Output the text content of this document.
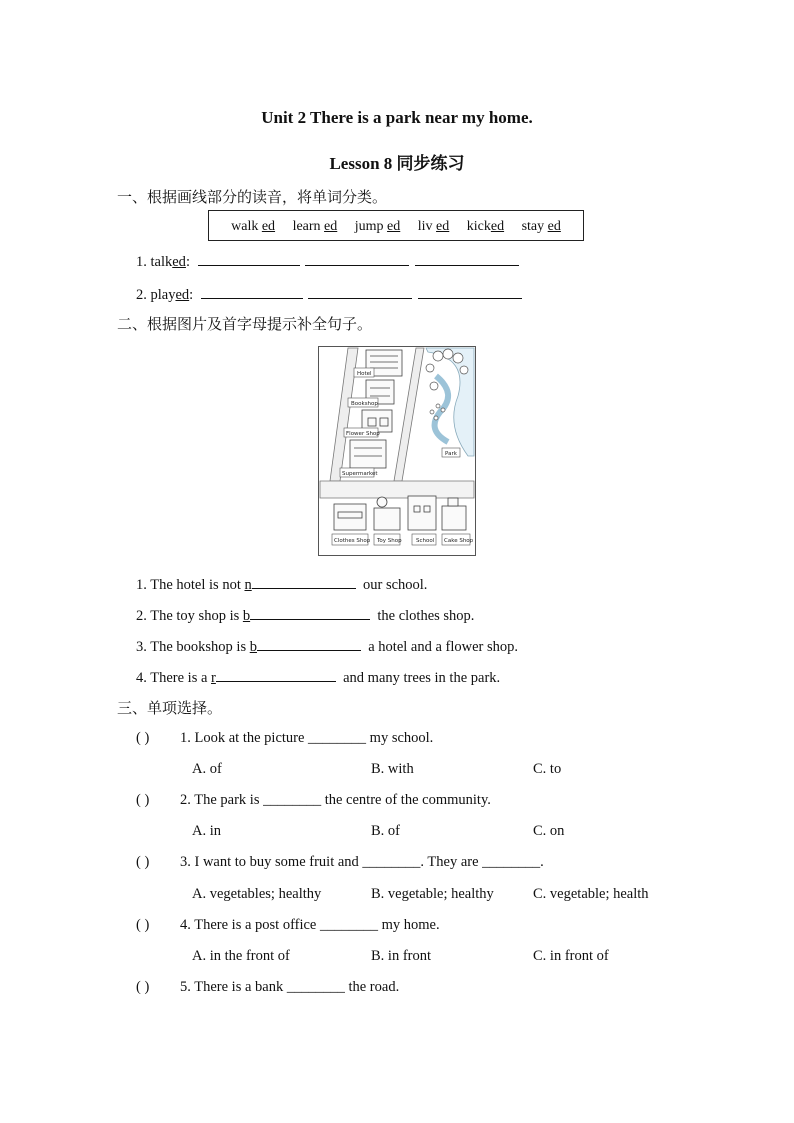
Unit 2 There is a park near my home.
Lesson 8 同步练习
一、根据画线部分的读音，将单词分类。
walk ed learn ed jump ed liv ed kicked stay ed
1. talked:
2. played:
二、根据图片及首字母提示补全句子。
Hotel
Bookshop
Flower Shop
Supermarket
Park
Clothes Shop Toy Shop	School Cake Shop
1. The hotel is not n	our school.
2. The toy shop is b	the clothes shop.
3. The bookshop is b	a hotel and a flower shop.
4. There is a r	and many trees in the park.
三、单项选择。
( ) 1. Look at the picture ________ my school.
A. of	B. with	C. to
( ) 2. The park is ________ the centre of the community.
A. in	B. of	C. on
( ) 3. I want to buy some fruit and ________. They are ________.
A. vegetables; healthy	B. vegetable; healthy	C. vegetable; health
( ) 4. There is a post office ________ my home.
A. in the front of	B. in front	C. in front of
( ) 5. There is a bank ________ the road.
